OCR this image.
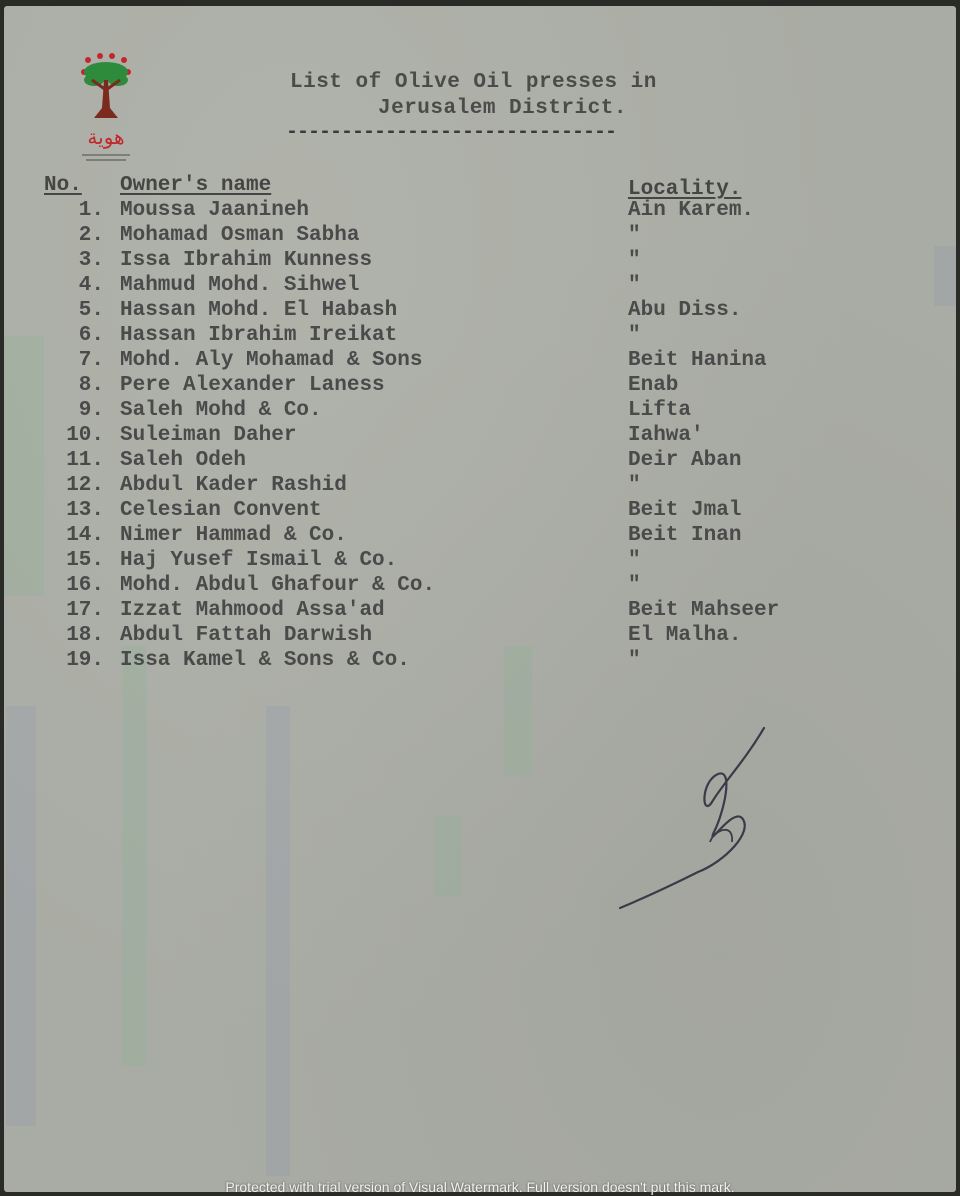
هوية
List of Olive Oil presses in
Jerusalem District.
------------------------------
No. Owner's name	Locality.
1. Moussa Jaanineh	Ain Karem.
2. Mohamad Osman Sabha	"
3. Issa Ibrahim Kunness	"
4. Mahmud Mohd. Sihwel	"
5. Hassan Mohd. El Habash	Abu Diss.
6. Hassan Ibrahim Ireikat	"
7. Mohd. Aly Mohamad & Sons	Beit Hanina
8. Pere Alexander Laness	Enab
9. Saleh Mohd & Co.	Lifta
10. Suleiman Daher	Iahwa'
11. Saleh Odeh	Deir Aban
12. Abdul Kader Rashid	"
13. Celesian Convent	Beit Jmal
14. Nimer Hammad & Co.	Beit Inan
15. Haj Yusef Ismail & Co.	"
16. Mohd. Abdul Ghafour & Co.	"
17. Izzat Mahmood Assa'ad	Beit Mahseer
18. Abdul Fattah Darwish	El Malha.
19. Issa Kamel & Sons & Co.	"
Protected with trial version of Visual Watermark. Full version doesn't put this mark.
